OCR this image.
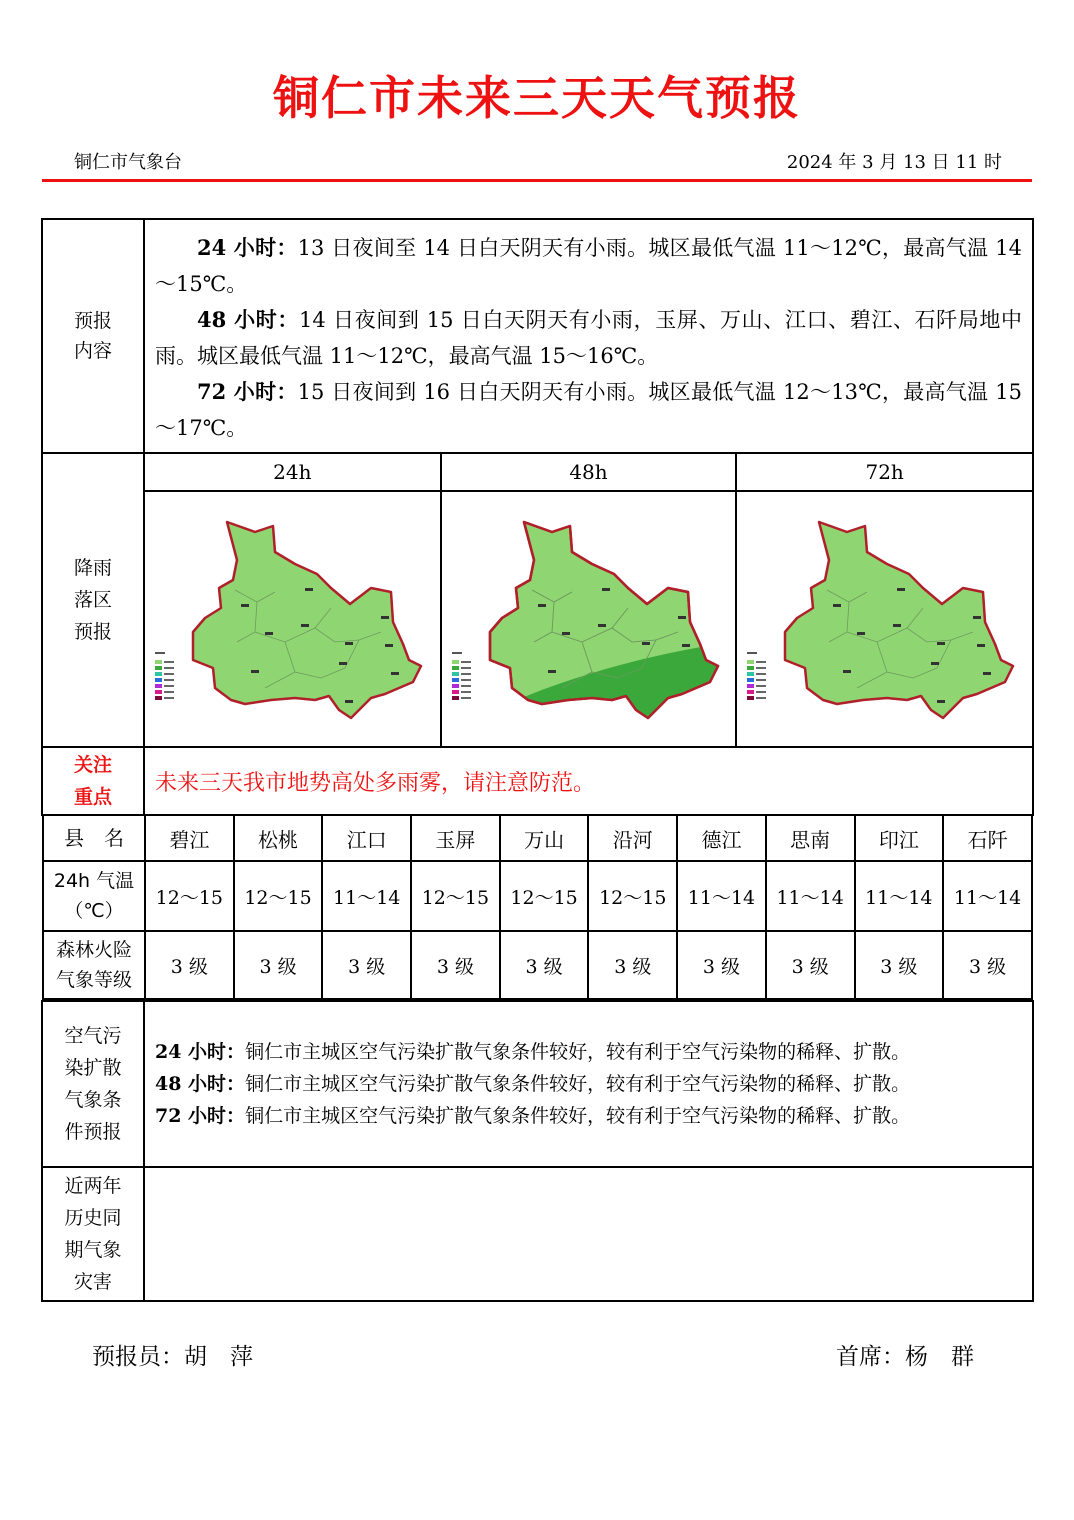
铜仁市未来三天天气预报
铜仁市气象台	2024 年 3 月 13 日 11 时
预报内容	

24 小时：13 日夜间至 14 日白天阴天有小雨。城区最低气温 11～12℃，最高气温 14～15℃。

48 小时：14 日夜间到 15 日白天阴天有小雨，玉屏、万山、江口、碧江、石阡局地中雨。城区最低气温 11～12℃，最高气温 15～16℃。

72 小时：15 日夜间到 16 日白天阴天有小雨。城区最低气温 12～13℃，最高气温 15～17℃。

降雨落区预报	
24h	48h	72h

关注重点	
未来三天我市地势高处多雨雾，请注意防范。

县　名	碧江	松桃	江口	玉屏	万山	沿河	德江	思南	印江	石阡
24h 气温（℃）	12～15	12～15	11～14	12～15	12～15	12～15	11～14	11～14	11～14	11～14
森林火险气象等级	3 级	3 级	3 级	3 级	3 级	3 级	3 级	3 级	3 级	3 级

空气污染扩散气象条件预报	
24 小时：铜仁市主城区空气污染扩散气象条件较好，较有利于空气污染物的稀释、扩散。
48 小时：铜仁市主城区空气污染扩散气象条件较好，较有利于空气污染物的稀释、扩散。
72 小时：铜仁市主城区空气污染扩散气象条件较好，较有利于空气污染物的稀释、扩散。

近两年历史同期气象灾害	
预报员：胡　萍	首席：杨　群
